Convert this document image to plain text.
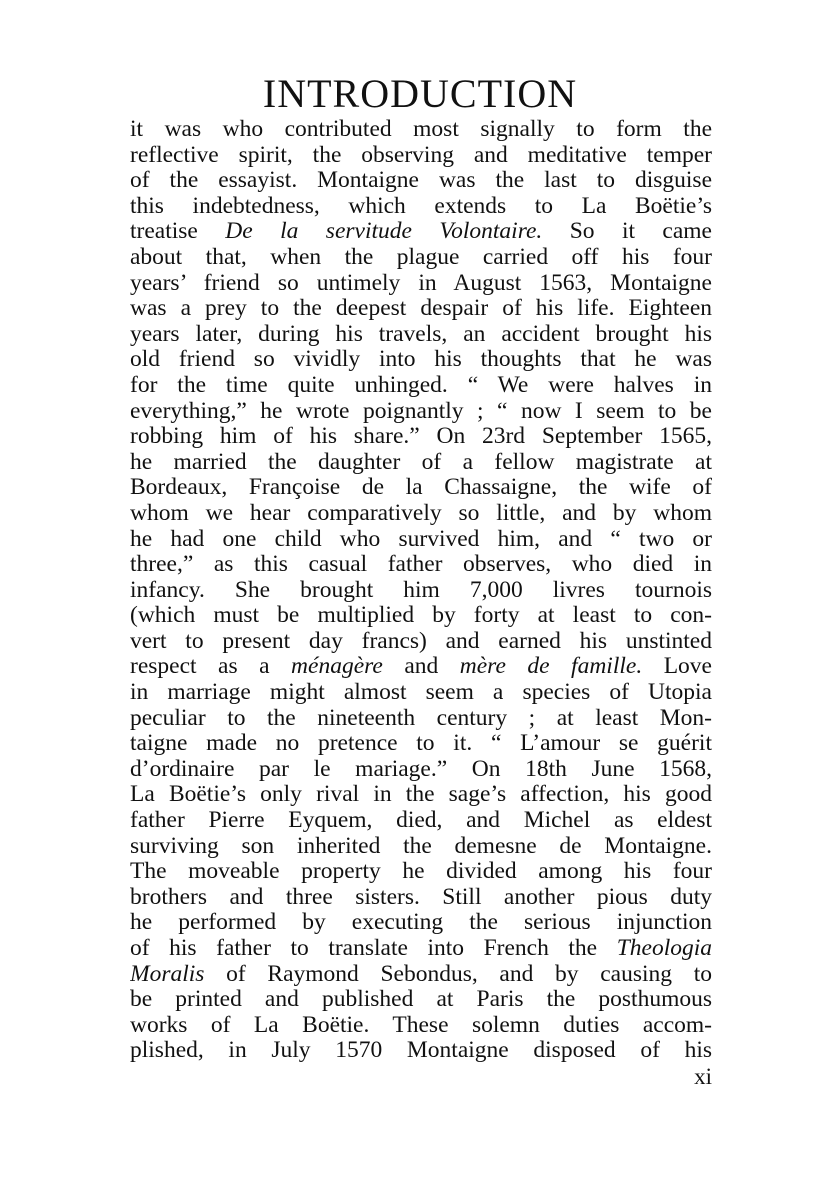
INTRODUCTION
it was who contributed most signally to form the
reflective spirit, the observing and meditative temper
of the essayist. Montaigne was the last to disguise
this indebtedness, which extends to La Boëtie’s
treatise De la servitude Volontaire. So it came
about that, when the plague carried off his four
years’ friend so untimely in August 1563, Montaigne
was a prey to the deepest despair of his life. Eighteen
years later, during his travels, an accident brought his
old friend so vividly into his thoughts that he was
for the time quite unhinged. “ We were halves in
everything,” he wrote poignantly ; “ now I seem to be
robbing him of his share.” On 23rd September 1565,
he married the daughter of a fellow magistrate at
Bordeaux, Françoise de la Chassaigne, the wife of
whom we hear comparatively so little, and by whom
he had one child who survived him, and “ two or
three,” as this casual father observes, who died in
infancy. She brought him 7,000 livres tournois
(which must be multiplied by forty at least to con-
vert to present day francs) and earned his unstinted
respect as a ménagère and mère de famille. Love
in marriage might almost seem a species of Utopia
peculiar to the nineteenth century ; at least Mon-
taigne made no pretence to it. “ L’amour se guérit
d’ordinaire par le mariage.” On 18th June 1568,
La Boëtie’s only rival in the sage’s affection, his good
father Pierre Eyquem, died, and Michel as eldest
surviving son inherited the demesne de Montaigne.
The moveable property he divided among his four
brothers and three sisters. Still another pious duty
he performed by executing the serious injunction
of his father to translate into French the Theologia
Moralis of Raymond Sebondus, and by causing to
be printed and published at Paris the posthumous
works of La Boëtie. These solemn duties accom-
plished, in July 1570 Montaigne disposed of his
xi
